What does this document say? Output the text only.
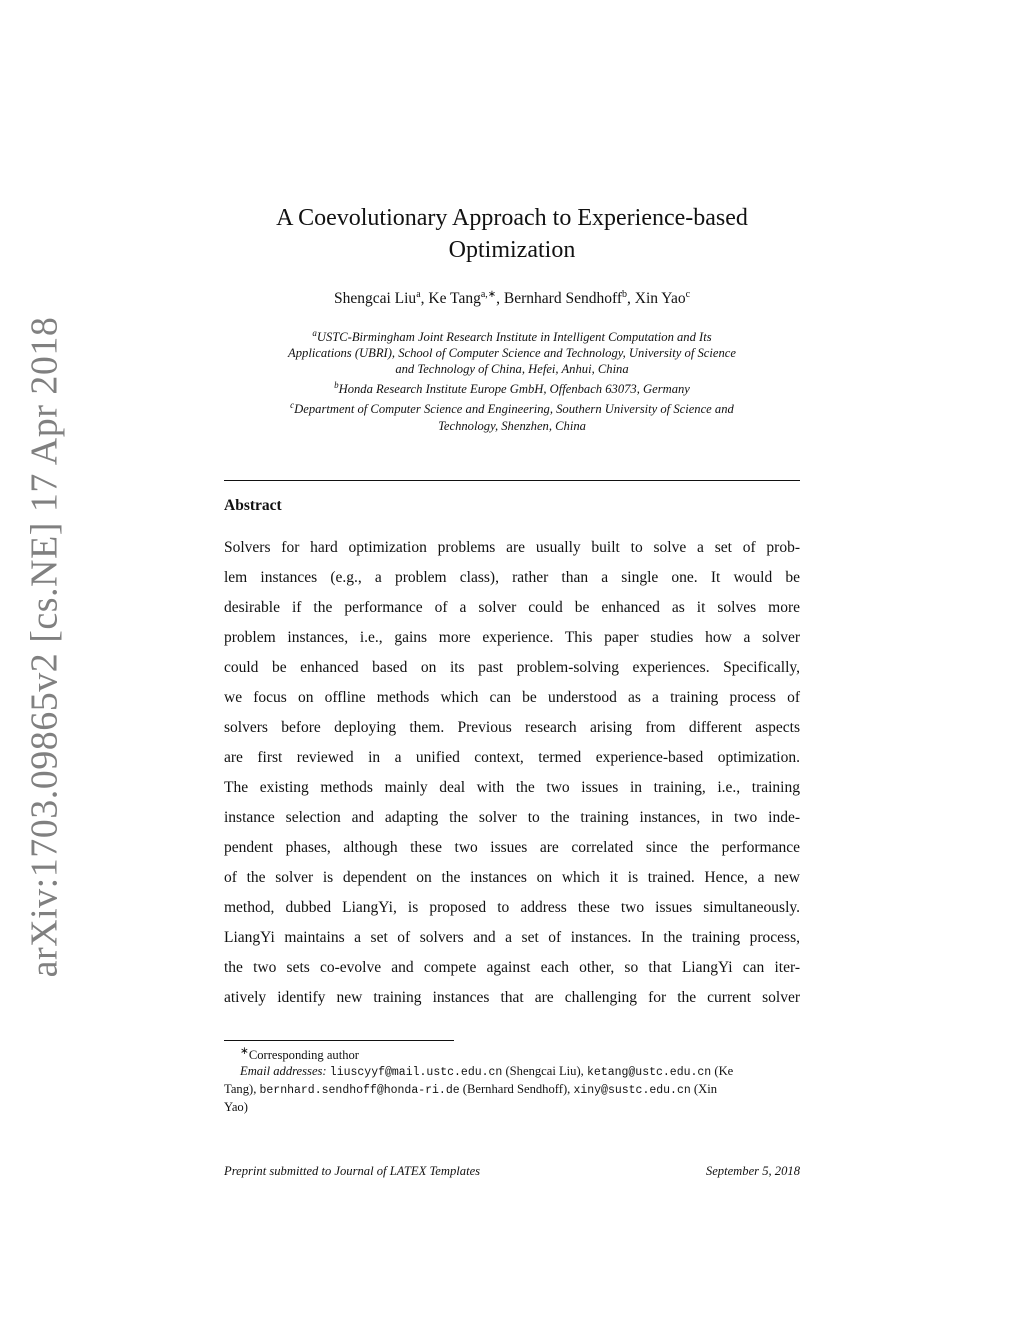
arXiv:1703.09865v2 [cs.NE] 17 Apr 2018
A Coevolutionary Approach to Experience-based
Optimization
Shengcai Liu$^a$, Ke Tang$^{a,∗}$, Bernhard Sendhoff$^b$, Xin Yao$^c$
$^a$USTC-Birmingham Joint Research Institute in Intelligent Computation and Its
Applications (UBRI), School of Computer Science and Technology, University of Science
and Technology of China, Hefei, Anhui, China
$^b$Honda Research Institute Europe GmbH, Offenbach 63073, Germany
$^c$Department of Computer Science and Engineering, Southern University of Science and
Technology, Shenzhen, China
Abstract
Solvers for hard optimization problems are usually built to solve a set of prob-
lem instances (e.g., a problem class), rather than a single one. It would be
desirable if the performance of a solver could be enhanced as it solves more
problem instances, i.e., gains more experience. This paper studies how a solver
could be enhanced based on its past problem-solving experiences. Specifically,
we focus on offline methods which can be understood as a training process of
solvers before deploying them. Previous research arising from different aspects
are first reviewed in a unified context, termed experience-based optimization.
The existing methods mainly deal with the two issues in training, i.e., training
instance selection and adapting the solver to the training instances, in two inde-
pendent phases, although these two issues are correlated since the performance
of the solver is dependent on the instances on which it is trained. Hence, a new
method, dubbed LiangYi, is proposed to address these two issues simultaneously.
LiangYi maintains a set of solvers and a set of instances. In the training process,
the two sets co-evolve and compete against each other, so that LiangYi can iter-
atively identify new training instances that are challenging for the current solver
∗Corresponding author
Email addresses: liuscyyf@mail.ustc.edu.cn (Shengcai Liu), ketang@ustc.edu.cn (Ke
Tang), bernhard.sendhoff@honda-ri.de (Bernhard Sendhoff), xiny@sustc.edu.cn (Xin
Yao)
Preprint submitted to Journal of LATEX Templates	September 5, 2018
